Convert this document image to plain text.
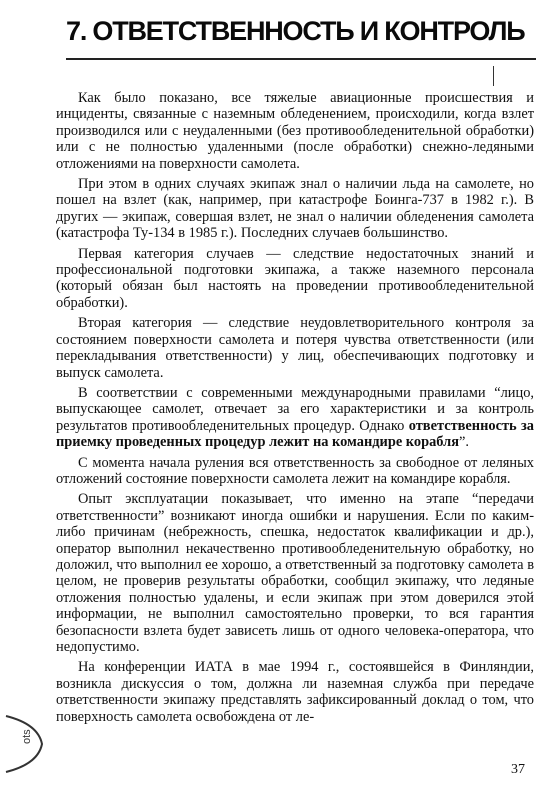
7. ОТВЕТСТВЕННОСТЬ И КОНТРОЛЬ

Как было показано, все тяжелые авиационные происшествия и инциденты, связанные с наземным обледенением, происходили, когда взлет производился или с неудаленными (без противообледенительной обработки) или с не полностью удаленными (после обработки) снежно-ледяными отложениями на поверхности самолета.

При этом в одних случаях экипаж знал о наличии льда на самолете, но пошел на взлет (как, например, при катастрофе Боинга-737 в 1982 г.). В других — экипаж, совершая взлет, не знал о наличии обледенения самолета (катастрофа Ту-134 в 1985 г.). Последних случаев большинство.

Первая категория случаев — следствие недостаточных знаний и профессиональной подготовки экипажа, а также наземного персонала (который обязан был настоять на проведении противообледенительной обработки).

Вторая категория — следствие неудовлетворительного контроля за состоянием поверхности самолета и потеря чувства ответственности (или перекладывания ответственности) у лиц, обеспечивающих подготовку и выпуск самолета.

В соответствии с современными международными правилами “лицо, выпускающее самолет, отвечает за его характеристики и за контроль результатов противообледенительных процедур. Однако ответственность за приемку проведенных процедур лежит на командире корабля”.

С момента начала руления вся ответственность за свободное от леляных отложений состояние поверхности самолета лежит на командире корабля.

Опыт эксплуатации показывает, что именно на этапе “передачи ответственности” возникают иногда ошибки и нарушения. Если по каким-либо причинам (небрежность, спешка, недостаток квалификации и др.), оператор выполнил некачественно противообледенительную обработку, но доложил, что выполнил ее хорошо, а ответственный за подготовку самолета в целом, не проверив результаты обработки, сообщил экипажу, что ледяные отложения полностью удалены, и если экипаж при этом доверился этой информации, не выполнил самостоятельно проверки, то вся гарантия безопасности взлета будет зависеть лишь от одного человека-оператора, что недопустимо.

На конференции ИАТА в мае 1994 г., состоявшейся в Финляндии, возникла дискуссия о том, должна ли наземная служба при передаче ответственности экипажу представлять зафиксированный доклад о том, что поверхность самолета освобождена от ле-

ots
37
